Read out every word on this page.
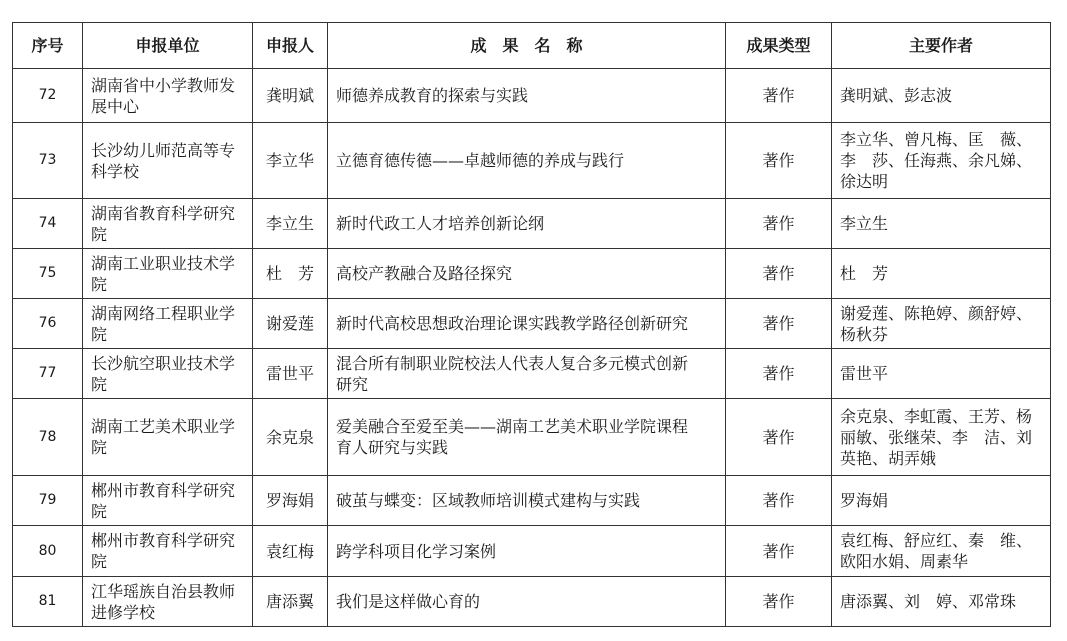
序号	申报单位	申报人	成　果　名　称	成果类型	主要作者
72	湖南省中小学教师发展中心	龚明斌	师德养成教育的探索与实践	著作	龚明斌、彭志波
73	长沙幼儿师范高等专科学校	李立华	立德育德传德——卓越师德的养成与践行	著作	李立华、曾凡梅、匡　薇、李　莎、任海燕、余凡娣、徐达明
74	湖南省教育科学研究院	李立生	新时代政工人才培养创新论纲	著作	李立生
75	湖南工业职业技术学院	杜　芳	高校产教融合及路径探究	著作	杜　芳
76	湖南网络工程职业学院	谢爱莲	新时代高校思想政治理论课实践教学路径创新研究	著作	谢爱莲、陈艳婷、颜舒婷、杨秋芬
77	长沙航空职业技术学院	雷世平	混合所有制职业院校法人代表人复合多元模式创新研究	著作	雷世平
78	湖南工艺美术职业学院	余克泉	爱美融合至爱至美——湖南工艺美术职业学院课程育人研究与实践	著作	余克泉、李虹霞、王芳、杨丽敏、张继荣、李　洁、刘英艳、胡弄娥
79	郴州市教育科学研究院	罗海娟	破茧与蝶变：区域教师培训模式建构与实践	著作	罗海娟
80	郴州市教育科学研究院	袁红梅	跨学科项目化学习案例	著作	袁红梅、舒应红、秦　维、欧阳水娟、周素华
81	江华瑶族自治县教师进修学校	唐添翼	我们是这样做心育的	著作	唐添翼、刘　婷、邓常珠
